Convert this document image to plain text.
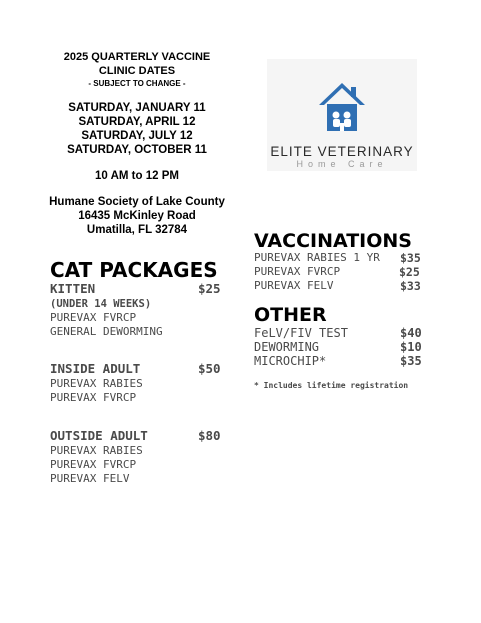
2025 QUARTERLY VACCINE
CLINIC DATES
- SUBJECT TO CHANGE -
SATURDAY, JANUARY 11
SATURDAY, APRIL 12
SATURDAY, JULY 12
SATURDAY, OCTOBER 11
10 AM to 12 PM
Humane Society of Lake County
16435 McKinley Road
Umatilla, FL 32784
ELITE VETERINARY
Home Care
CAT PACKAGES
KITTEN	$25
(UNDER 14 WEEKS)
PUREVAX FVRCP
GENERAL DEWORMING
INSIDE ADULT	$50
PUREVAX RABIES
PUREVAX FVRCP
OUTSIDE ADULT	$80
PUREVAX RABIES
PUREVAX FVRCP
PUREVAX FELV
VACCINATIONS
PUREVAX RABIES 1 YR $35
PUREVAX FVRCP	$25
PUREVAX FELV	$33
OTHER
FeLV/FIV TEST	$40
DEWORMING	$10
MICROCHIP*	$35
* Includes lifetime registration
